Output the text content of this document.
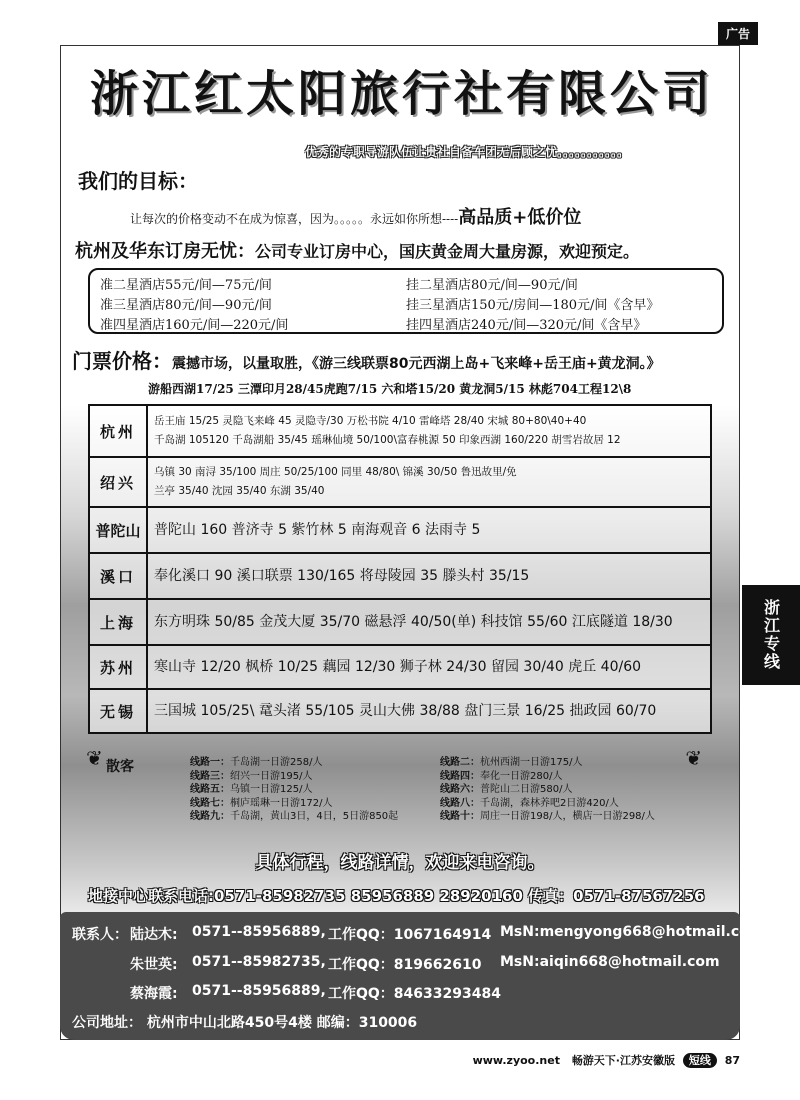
广告
浙江专线
浙江红太阳旅行社有限公司
优秀的专职导游队伍让贵社自备车团无后顾之忧。。。。。。。。。。。
我们的目标：
让每次的价格变动不在成为惊喜，因为。。。。。永远如你所想----高品质+低价位
杭州及华东订房无忧：公司专业订房中心，国庆黄金周大量房源，欢迎预定。
准二星酒店55元/间—75元/间	挂二星酒店80元/间—90元/间
准三星酒店80元/间—90元/间	挂三星酒店150元/房间—180元/间《含早》
准四星酒店160元/间—220元/间	挂四星酒店240元/间—320元/间《含早》
门票价格：震撼市场，以量取胜，《游三线联票80元西湖上岛+飞来峰+岳王庙+黄龙洞。》
游船西湖17/25 三潭印月28/45虎跑7/15 六和塔15/20 黄龙洞5/15 林彪704工程12\8
杭州	岳王庙 15/25 灵隐飞来峰 45 灵隐寺/30 万松书院 4/10 雷峰塔 28/40 宋城 80+80\40+40
千岛湖 105120 千岛湖船 35/45 瑶琳仙境 50/100\富春桃源 50 印象西湖 160/220 胡雪岩故居 12

绍兴	乌镇 30 南浔 35/100 周庄 50/25/100 同里 48/80\ 锦溪 30/50 鲁迅故里/免
兰亭 35/40 沈园 35/40 东湖 35/40

普陀山	普陀山 160 普济寺 5 紫竹林 5 南海观音 6 法雨寺 5

溪口	奉化溪口 90 溪口联票 130/165 将母陵园 35 滕头村 35/15

上海	东方明珠 50/85 金茂大厦 35/70 磁悬浮 40/50(单) 科技馆 55/60 江底隧道 18/30

苏州	寒山寺 12/20 枫桥 10/25 藕园 12/30 狮子林 24/30 留园 30/40 虎丘 40/60

无锡	三国城 105/25\ 鼋头渚 55/105 灵山大佛 38/88 盘门三景 16/25 拙政园 60/70
❦	❦
散客	线路一：千岛湖一日游258/人	线路二：杭州西湖一日游175/人
线路三：绍兴一日游195/人	线路四：奉化一日游280/人
线路五：乌镇一日游125/人	线路六：普陀山二日游580/人
线路七：桐庐瑶琳一日游172/人	线路八：千岛湖，森林养吧2日游420/人
线路九：千岛湖，黄山3日，4日，5日游850起	线路十：周庄一日游198/人，横店一日游298/人
具体行程，线路详情，欢迎来电咨询。
地接中心联系电话:0571-85982735 85956889 28920160 传真：0571-87567256
联系人： 陆达木: 0571--85956889, 工作QQ：1067164914 MsN:mengyong668@hotmail.com
朱世英: 0571--85982735, 工作QQ：819662610 MsN:aiqin668@hotmail.com
蔡海霞: 0571--85956889, 工作QQ：84633293484
公司地址： 杭州市中山北路450号4楼 邮编：310006
www.zyoo.net 畅游天下·江苏安徽版 短线 87
